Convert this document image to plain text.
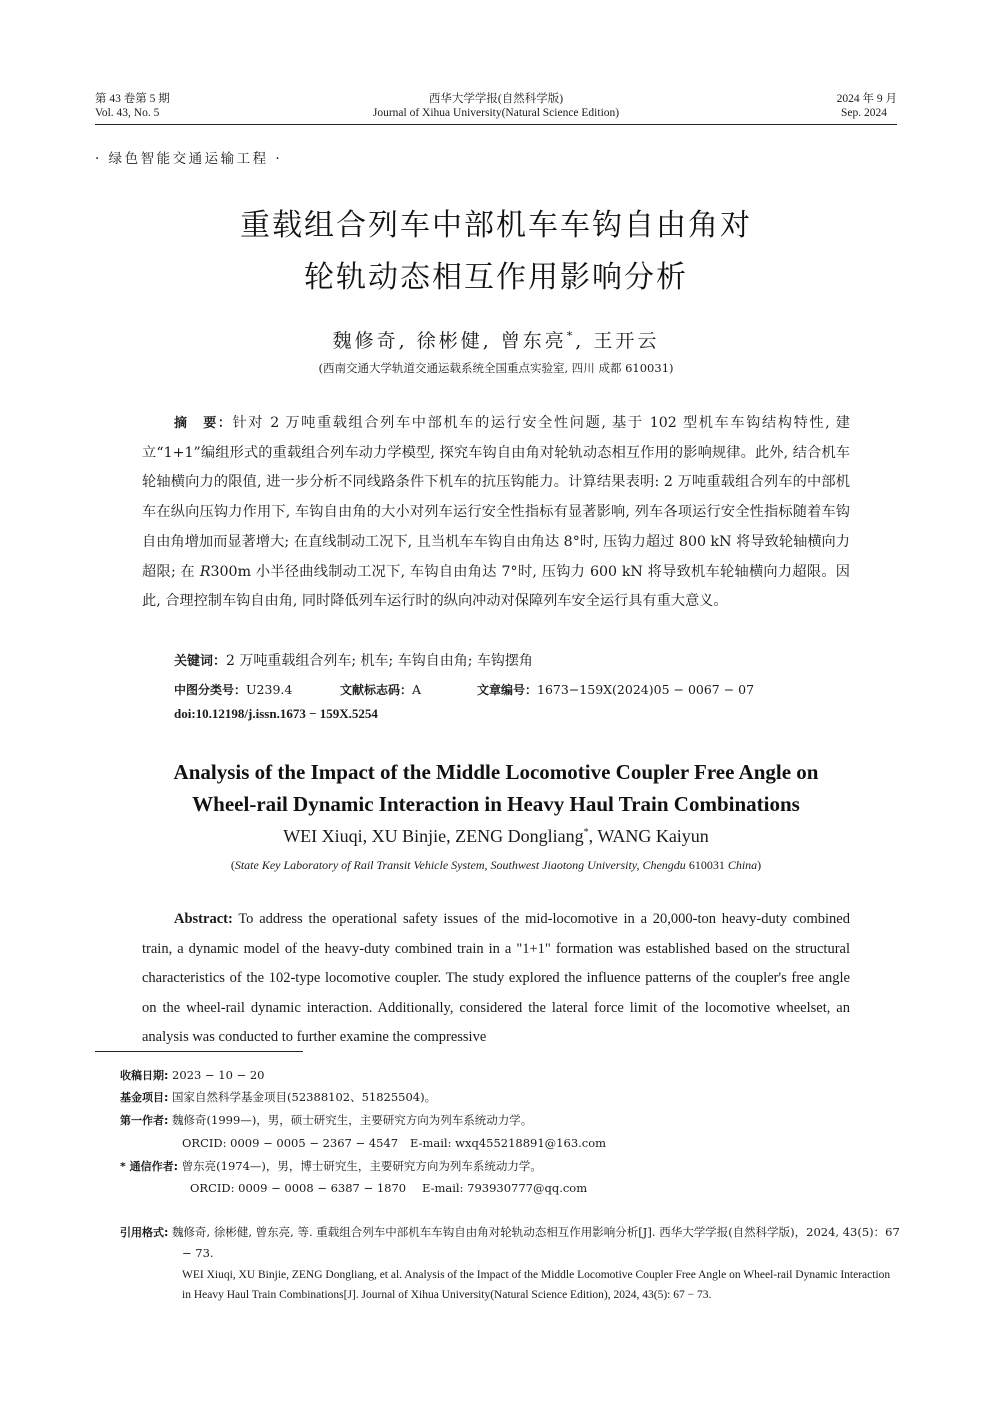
第 43 卷第 5 期
Vol. 43, No. 5
西华大学学报(自然科学版)
Journal of Xihua University(Natural Science Edition)
2024 年 9 月
Sep. 2024
· 绿色智能交通运输工程 ·
重载组合列车中部机车车钩自由角对
轮轨动态相互作用影响分析
魏修奇, 徐彬健, 曾东亮*, 王开云
(西南交通大学轨道交通运载系统全国重点实验室, 四川 成都 610031)
摘　要：针对 2 万吨重载组合列车中部机车的运行安全性问题, 基于 102 型机车车钩结构特性, 建立“1+1”编组形式的重载组合列车动力学模型, 探究车钩自由角对轮轨动态相互作用的影响规律。此外, 结合机车轮轴横向力的限值, 进一步分析不同线路条件下机车的抗压钩能力。计算结果表明: 2 万吨重载组合列车的中部机车在纵向压钩力作用下, 车钩自由角的大小对列车运行安全性指标有显著影响, 列车各项运行安全性指标随着车钩自由角增加而显著增大; 在直线制动工况下, 且当机车车钩自由角达 8°时, 压钩力超过 800 kN 将导致轮轴横向力超限; 在 R300m 小半径曲线制动工况下, 车钩自由角达 7°时, 压钩力 600 kN 将导致机车轮轴横向力超限。因此, 合理控制车钩自由角, 同时降低列车运行时的纵向冲动对保障列车安全运行具有重大意义。
关键词：2 万吨重载组合列车; 机车; 车钩自由角; 车钩摆角
中图分类号：U239.4	文献标志码：A	文章编号：1673−159X(2024)05 − 0067 − 07
doi:10.12198/j.issn.1673 − 159X.5254
Analysis of the Impact of the Middle Locomotive Coupler Free Angle on
Wheel-rail Dynamic Interaction in Heavy Haul Train Combinations
WEI Xiuqi, XU Binjie, ZENG Dongliang*, WANG Kaiyun
(State Key Laboratory of Rail Transit Vehicle System, Southwest Jiaotong University, Chengdu 610031 China)
Abstract: To address the operational safety issues of the mid-locomotive in a 20,000-ton heavy-duty combined train, a dynamic model of the heavy-duty combined train in a "1+1" formation was established based on the structural characteristics of the 102-type locomotive coupler. The study explored the influence patterns of the coupler's free angle on the wheel-rail dynamic interaction. Additionally, considered the lateral force limit of the locomotive wheelset, an analysis was conducted to further examine the compressive
收稿日期: 2023 − 10 − 20
基金项目: 国家自然科学基金项目(52388102、51825504)。
第一作者: 魏修奇(1999—)，男，硕士研究生，主要研究方向为列车系统动力学。
ORCID: 0009 − 0005 − 2367 − 4547 E-mail: wxq455218891@163.com
* 通信作者: 曾东亮(1974—)，男，博士研究生，主要研究方向为列车系统动力学。
ORCID: 0009 − 0008 − 6387 − 1870 E-mail: 793930777@qq.com
引用格式: 魏修奇, 徐彬健, 曾东亮, 等. 重载组合列车中部机车车钩自由角对轮轨动态相互作用影响分析[J]. 西华大学学报(自然科学版)，2024, 43(5)：67 − 73.
WEI Xiuqi, XU Binjie, ZENG Dongliang, et al. Analysis of the Impact of the Middle Locomotive Coupler Free Angle on Wheel-rail Dynamic Interaction in Heavy Haul Train Combinations[J]. Journal of Xihua University(Natural Science Edition), 2024, 43(5): 67 − 73.
